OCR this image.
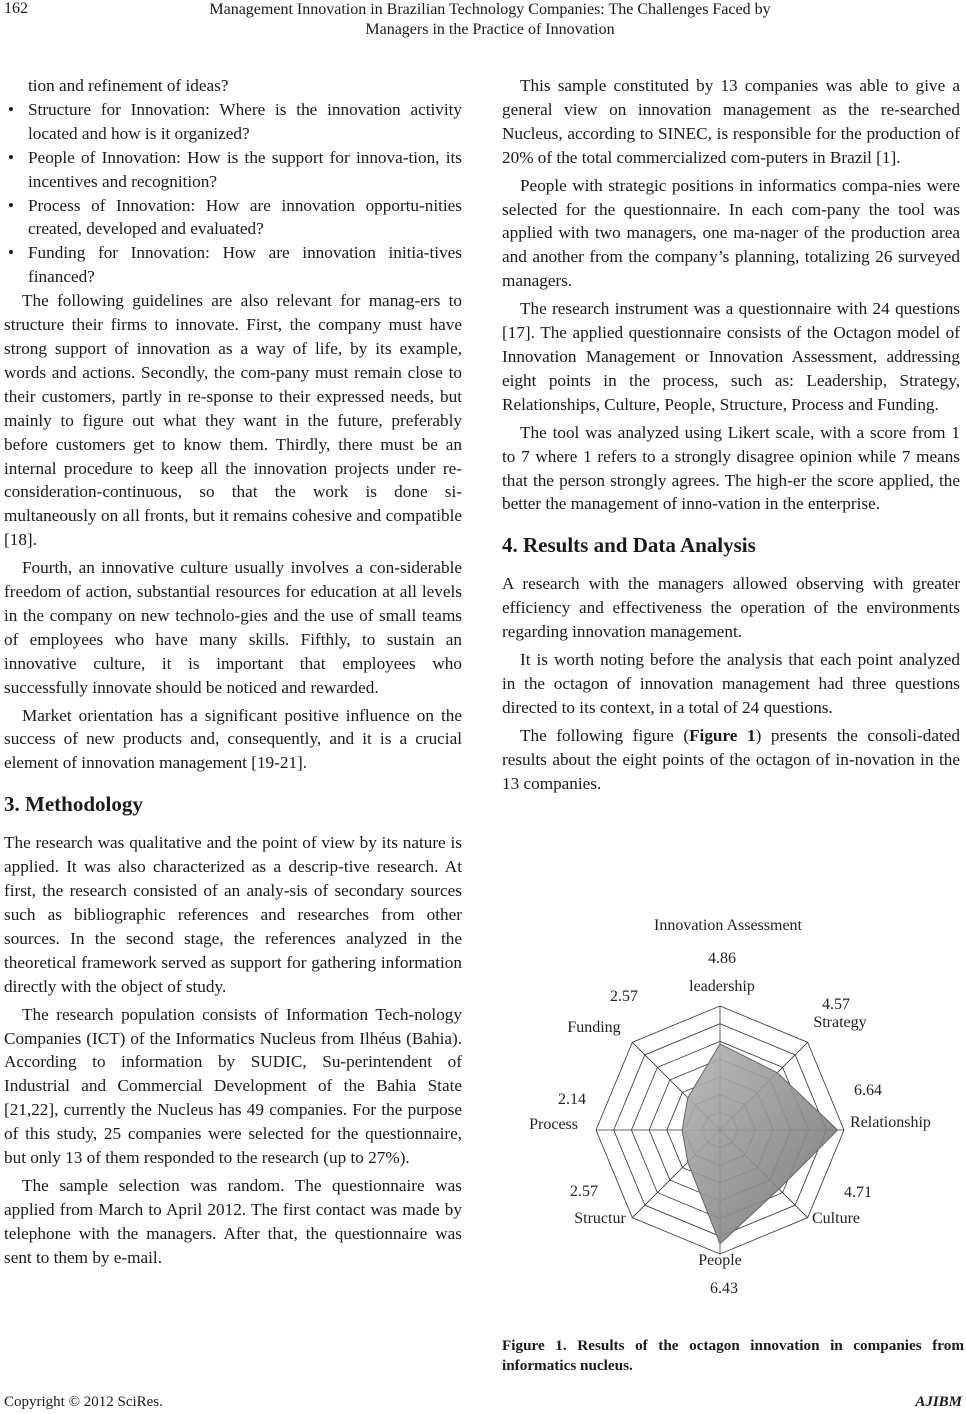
162	Management Innovation in Brazilian Technology Companies: The Challenges Faced by
Managers in the Practice of Innovation

tion and refinement of ideas?

• Structure for Innovation: Where is the innovation activity located and how is it organized?
• People of Innovation: How is the support for innova-tion, its incentives and recognition?
• Process of Innovation: How are innovation opportu-nities created, developed and evaluated?
• Funding for Innovation: How are innovation initia-tives financed?

The following guidelines are also relevant for manag-ers to structure their firms to innovate. First, the company must have strong support of innovation as a way of life, by its example, words and actions. Secondly, the com-pany must remain close to their customers, partly in re-sponse to their expressed needs, but mainly to figure out what they want in the future, preferably before customers get to know them. Thirdly, there must be an internal procedure to keep all the innovation projects under re-consideration-continuous, so that the work is done si-multaneously on all fronts, but it remains cohesive and compatible [18].

Fourth, an innovative culture usually involves a con-siderable freedom of action, substantial resources for education at all levels in the company on new technolo-gies and the use of small teams of employees who have many skills. Fifthly, to sustain an innovative culture, it is important that employees who successfully innovate should be noticed and rewarded.

Market orientation has a significant positive influence on the success of new products and, consequently, and it is a crucial element of innovation management [19-21].

3. Methodology

The research was qualitative and the point of view by its nature is applied. It was also characterized as a descrip-tive research. At first, the research consisted of an analy-sis of secondary sources such as bibliographic references and researches from other sources. In the second stage, the references analyzed in the theoretical framework served as support for gathering information directly with the object of study.

The research population consists of Information Tech-nology Companies (ICT) of the Informatics Nucleus from Ilhéus (Bahia). According to information by SUDIC, Su-perintendent of Industrial and Commercial Development of the Bahia State [21,22], currently the Nucleus has 49 companies. For the purpose of this study, 25 companies were selected for the questionnaire, but only 13 of them responded to the research (up to 27%).

The sample selection was random. The questionnaire was applied from March to April 2012. The first contact was made by telephone with the managers. After that, the questionnaire was sent to them by e-mail.

This sample constituted by 13 companies was able to give a general view on innovation management as the re-searched Nucleus, according to SINEC, is responsible for the production of 20% of the total commercialized com-puters in Brazil [1].

People with strategic positions in informatics compa-nies were selected for the questionnaire. In each com-pany the tool was applied with two managers, one ma-nager of the production area and another from the company’s planning, totalizing 26 surveyed managers.

The research instrument was a questionnaire with 24 questions [17]. The applied questionnaire consists of the Octagon model of Innovation Management or Innovation Assessment, addressing eight points in the process, such as: Leadership, Strategy, Relationships, Culture, People, Structure, Process and Funding.

The tool was analyzed using Likert scale, with a score from 1 to 7 where 1 refers to a strongly disagree opinion while 7 means that the person strongly agrees. The high-er the score applied, the better the management of inno-vation in the enterprise.

4. Results and Data Analysis

A research with the managers allowed observing with greater efficiency and effectiveness the operation of the environments regarding innovation management.

It is worth noting before the analysis that each point analyzed in the octagon of innovation management had three questions directed to its context, in a total of 24 questions.

The following figure (Figure 1) presents the consoli-dated results about the eight points of the octagon of in-novation in the 13 companies.

Innovation Assessment
leadership
4.86
Strategy
4.57
Relationship
6.64
Culture
4.71
People
6.43
Structur
2.57
Process
2.14
Funding
2.57
Figure 1. Results of the octagon innovation in companies from informatics nucleus.
Copyright © 2012 SciRes.	AJIBM
